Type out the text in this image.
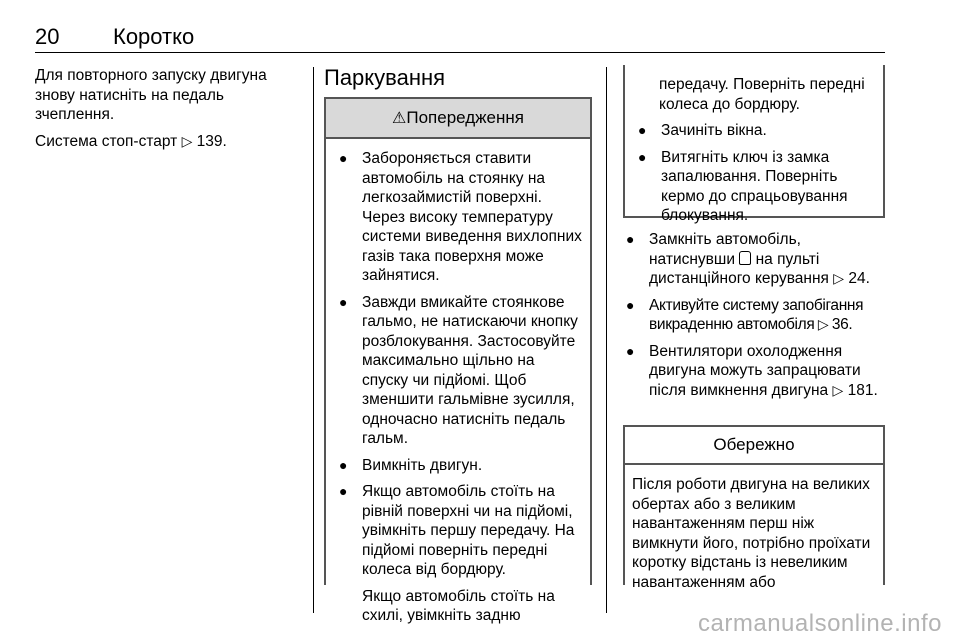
20 Коротко

Для повторного запуску двигуна знову натисніть на педаль зчеплення.

Система стоп-старт ▷ 139.

Паркування
⚠Попередження
● Забороняється ставити автомобіль на стоянку на легкозаймистій поверхні. Через високу температуру системи виведення вихлопних газів така поверхня може зайнятися.
● Завжди вмикайте стоянкове гальмо, не натискаючи кнопку розблокування. Застосовуйте максимально щільно на спуску чи підйомі. Щоб зменшити гальмівне зусилля, одночасно натисніть педаль гальм.
● Вимкніть двигун.
● Якщо автомобіль стоїть на рівній поверхні чи на підйомі, увімкніть першу передачу. На підйомі поверніть передні колеса від бордюру.
Якщо автомобіль стоїть на схилі, увімкніть задню
передачу. Поверніть передні колеса до бордюру.
● Зачиніть вікна.
● Витягніть ключ із замка запалювання. Поверніть кермо до спрацьовування блокування.
● Замкніть автомобіль, натиснувши на пульті дистанційного керування ▷ 24.
● Активуйте систему запобігання викраденню автомобіля ▷ 36.
● Вентилятори охолодження двигуна можуть запрацювати після вимкнення двигуна ▷ 181.
Обережно
Після роботи двигуна на великих обертах або з великим навантаженням перш ніж вимкнути його, потрібно проїхати коротку відстань із невеликим навантаженням або
carmanualsonline.info
